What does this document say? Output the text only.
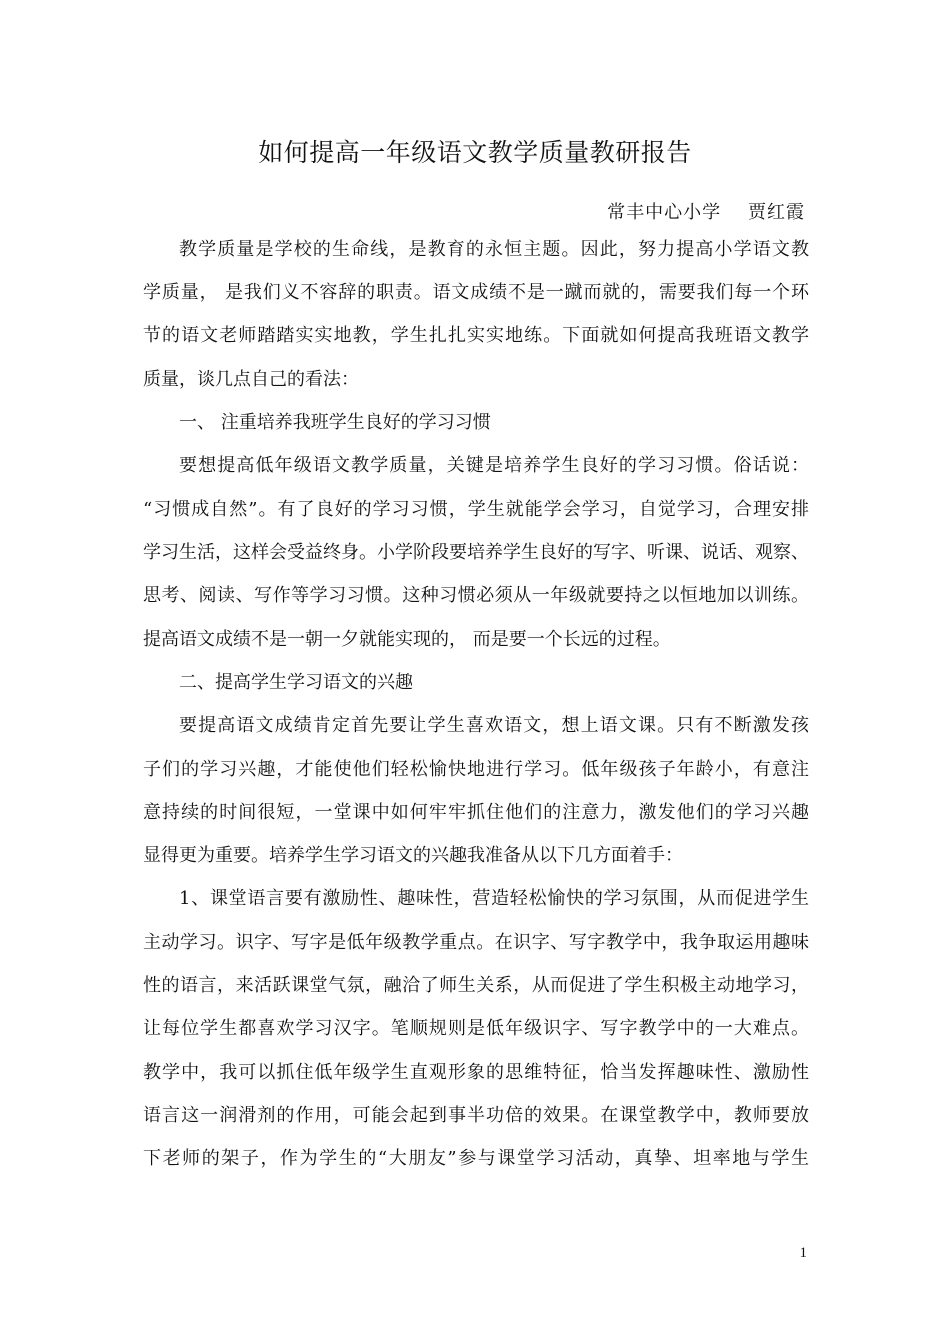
如何提高一年级语文教学质量教研报告
常丰中心小学    贾红霞
教学质量是学校的生命线，是教育的永恒主题。因此，努力提高小学语文教
学质量， 是我们义不容辞的职责。语文成绩不是一蹴而就的，需要我们每一个环
节的语文老师踏踏实实地教，学生扎扎实实地练。下面就如何提高我班语文教学
质量，谈几点自己的看法：
一、 注重培养我班学生良好的学习习惯
要想提高低年级语文教学质量，关键是培养学生良好的学习习惯。俗话说：
“习惯成自然”。有了良好的学习习惯，学生就能学会学习，自觉学习，合理安排
学习生活，这样会受益终身。小学阶段要培养学生良好的写字、听课、说话、观察、
思考、阅读、写作等学习习惯。这种习惯必须从一年级就要持之以恒地加以训练。
提高语文成绩不是一朝一夕就能实现的， 而是要一个长远的过程。
二、提高学生学习语文的兴趣
要提高语文成绩肯定首先要让学生喜欢语文，想上语文课。只有不断激发孩
子们的学习兴趣，才能使他们轻松愉快地进行学习。低年级孩子年龄小，有意注
意持续的时间很短，一堂课中如何牢牢抓住他们的注意力，激发他们的学习兴趣
显得更为重要。培养学生学习语文的兴趣我准备从以下几方面着手：
1、课堂语言要有激励性、趣味性，营造轻松愉快的学习氛围，从而促进学生
主动学习。识字、写字是低年级教学重点。在识字、写字教学中，我争取运用趣味
性的语言，来活跃课堂气氛，融洽了师生关系，从而促进了学生积极主动地学习，
让每位学生都喜欢学习汉字。笔顺规则是低年级识字、写字教学中的一大难点。
教学中，我可以抓住低年级学生直观形象的思维特征，恰当发挥趣味性、激励性
语言这一润滑剂的作用，可能会起到事半功倍的效果。在课堂教学中，教师要放
下老师的架子，作为学生的“大朋友”参与课堂学习活动，真挚、坦率地与学生
1
